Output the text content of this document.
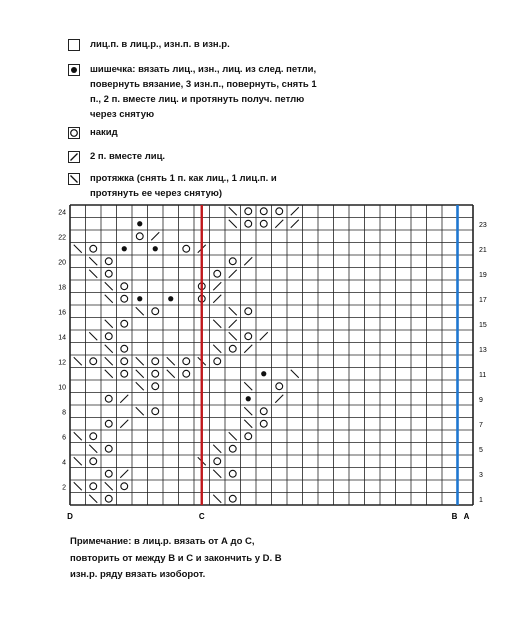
лиц.п. в лиц.р., изн.п. в изн.р.
шишечка: вязать лиц., изн., лиц. из след. петли,
повернуть вязание, 3 изн.п., повернуть, снять 1
п., 2 п. вместе лиц. и протянуть получ. петлю
через снятую
накид
2 п. вместе лиц.
протяжка (снять 1 п. как лиц., 1 лиц.п. и
протянуть ее через снятую)
24
22
20
18
16
14
12
10
8
6
4
2
23
21
19
17
15
13
11
9
7
5
3
1
D	C	B A
Примечание: в лиц.р. вязать от А до С,
повторить от между В и С и закончить у D. В
изн.р. ряду вязать изоборот.
